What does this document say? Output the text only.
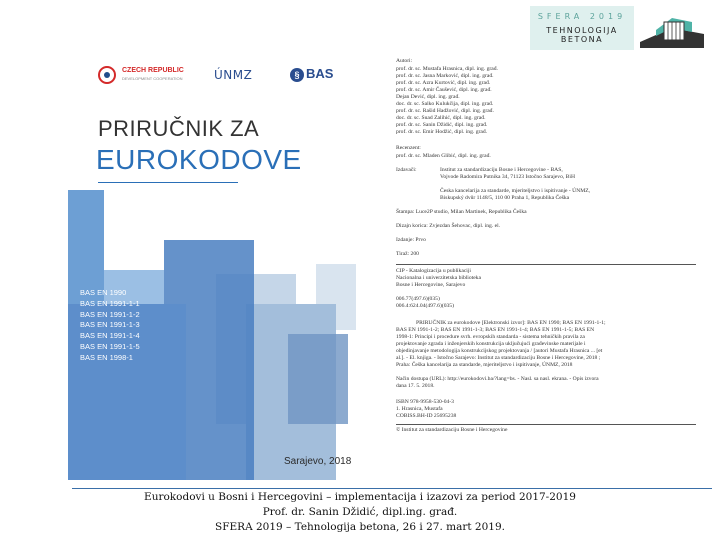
SFERA 2019
TEHNOLOGIJA
BETONA
CZECH REPUBLIC
DEVELOPMENT COOPERATION	ÚNMZ	§ BAS
PRIRUČNIK ZA
EUROKODOVE
BAS EN 1990
BAS EN 1991-1-1
BAS EN 1991-1-2
BAS EN 1991-1-3
BAS EN 1991-1-4
BAS EN 1991-1-5
BAS EN 1998-1
Sarajevo, 2018
Autori:
prof. dr. sc. Mustafa Hrasnica, dipl. ing. građ.
prof. dr. sc. Jasna Marković, dipl. ing. građ.
prof. dr. sc. Azra Kurtović, dipl. ing. građ.
prof. dr. sc. Amir Čaušević, dipl. ing. građ.
Dejan Dević, dipl. ing. građ.
doc. dr. sc. Salko Kulukčija, dipl. ing. građ.
prof. dr. sc. Rašid Hadžović, dipl. ing. građ.
doc. dr. sc. Suad Zalihić, dipl. ing. građ.
prof. dr. sc. Sanin Džidić, dipl. ing. građ.
prof. dr. sc. Emir Hodžić, dipl. ing. građ.
Recenzent:
prof. dr. sc. Mladen Glibić, dipl. ing. građ.
Izdavači:	Institut za standardizaciju Bosne i Hercegovine - BAS,
Vojvode Radomira Putnika 34, 71123 Istočno Sarajevo, BiH
Česka kancelarija za standarde, mjeriteljstvo i ispitivanje - ÚNMZ,
Biskupský dvůr 1148/5, 110 00 Praha 1, Republika Češka
Štampa: Luce2P studio, Milan Martinek, Republika Češka
Dizajn korica: Zvjezdan Šehovac, dipl. ing. el.
Izdanje: Prvo
Tiraž: 200
CIP - Katalogizacija u publikaciji
Nacionalna i univerzitetska biblioteka
Bosne i Hercegovine, Sarajevo
006.77(497.6)(035)
006.4:624.04(497.6)(035)
PRIRUČNIK za eurokodove [Elektronski izvor]: BAS EN 1990; BAS EN 1991-1-1;
BAS EN 1991-1-2; BAS EN 1991-1-3; BAS EN 1991-1-4; BAS EN 1991-1-5; BAS EN
1998-1: Principi i procedure svrh. evropskih standarda - sistema tehničkih pravila za
projektovanje zgrada i inženjerskih konstrukcija uključujući građevinske materijale i
objedinjavanje metodologija konstrukcijskog projektovanja / [autori Mustafa Hrasnica ... [et
al.]. - El. knjiga. - Istočno Sarajevo: Institut za standardizaciju Bosne i Hercegovine, 2018 ;
Praha: Češka kancelarija za standarde, mjeriteljstvo i ispitivanje, ÚNMZ, 2018
Način dostupa (URL): http://eurokodovi.ba/?lang=bs. - Nasl. sa nasl. ekrana. - Opis izvora
dana 17. 5. 2018.
ISBN 978-9958-530-04-3
1. Hrasnica, Mustafa
COBISS.BH-ID 25695238
© Institut za standardizaciju Bosne i Hercegovine
Eurokodovi u Bosni i Hercegovini – implementacija i izazovi za period 2017-2019
Prof. dr. Sanin Džidić, dipl.ing. građ.
SFERA 2019 – Tehnologija betona, 26 i 27. mart 2019.
